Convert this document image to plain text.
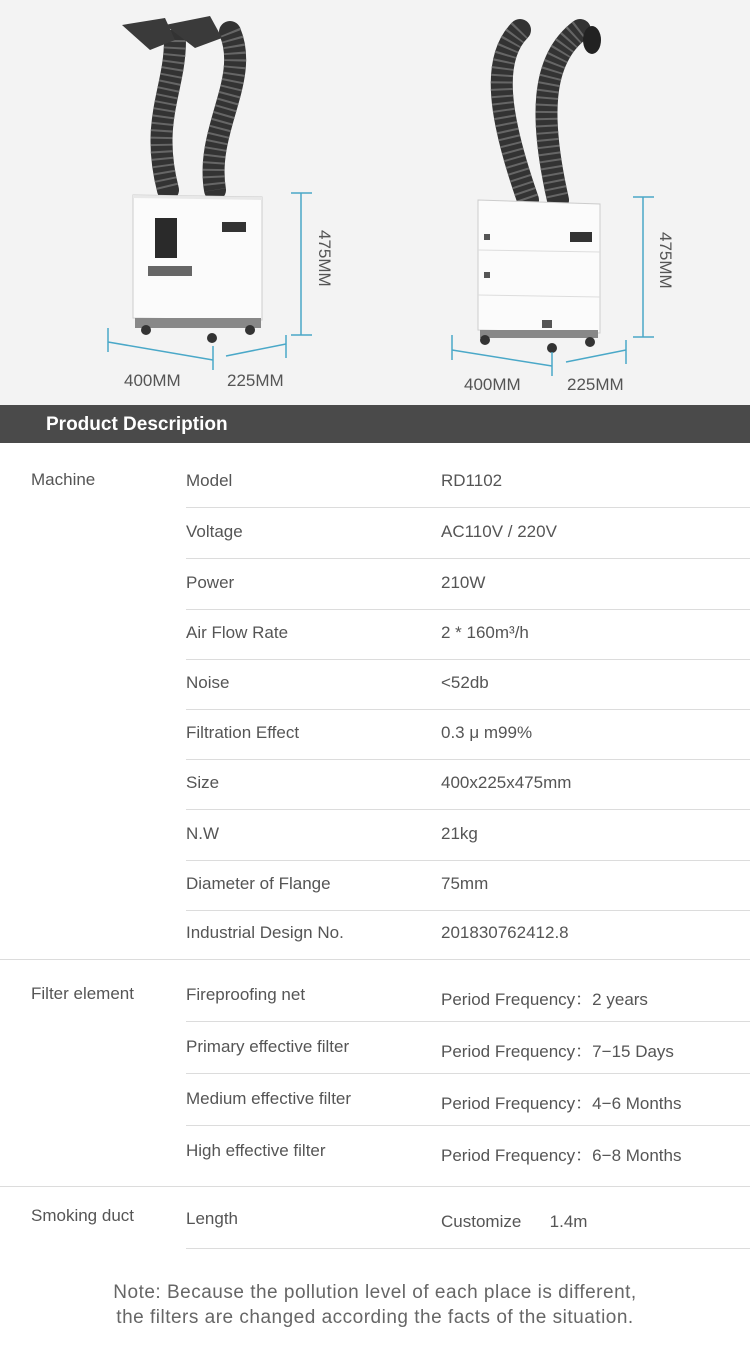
400MM	225MM
475MM
400MM	225MM
475MM
Product Description
Machine	Model	RD1102
Voltage	AC110V / 220V
Power	210W
Air Flow Rate	2 * 160m³/h
Noise	<52db
Filtration Effect	0.3 μ m99%
Size	400x225x475mm
N.W	21kg
Diameter of Flange	75mm
Industrial Design No.	201830762412.8
Filter element	Fireproofing net	Period Frequency：2 years
Primary effective filter	Period Frequency：7−15 Days
Medium effective filter	Period Frequency：4−6 Months
High effective filter	Period Frequency：6−8 Months
Smoking duct	Length	Customize      1.4m
Note: Because the pollution level of each place is different,
the filters are changed according the facts of the situation.
